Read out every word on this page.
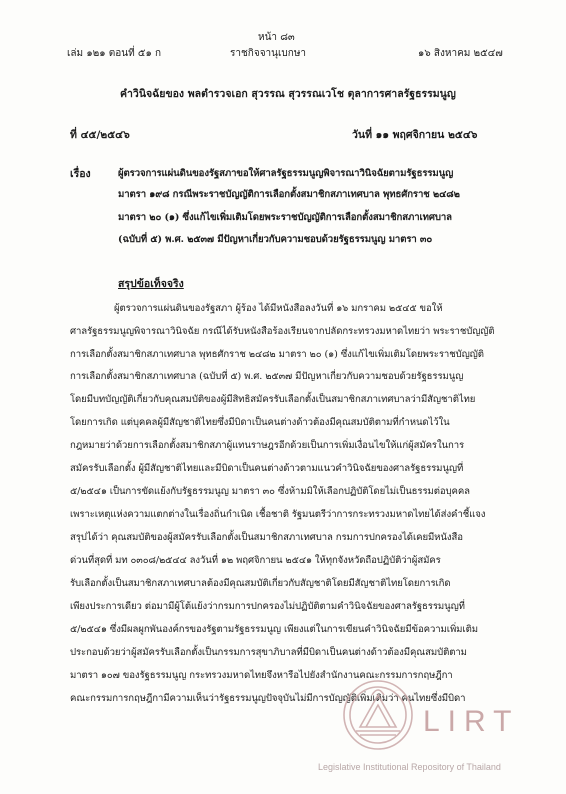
หน้า ๘๓
เล่ม ๑๒๑ ตอนที่ ๕๑ ก	ราชกิจจานุเบกษา	๑๖ สิงหาคม ๒๕๔๗
คำวินิจฉัยของ พลตำรวจเอก สุวรรณ สุวรรณเวโช ตุลาการศาลรัฐธรรมนูญ
ที่ ๔๕/๒๕๔๖	วันที่ ๑๑ พฤศจิกายน ๒๕๔๖
เรื่อง	ผู้ตรวจการแผ่นดินของรัฐสภาขอให้ศาลรัฐธรรมนูญพิจารณาวินิจฉัยตามรัฐธรรมนูญ
มาตรา ๑๙๘ กรณีพระราชบัญญัติการเลือกตั้งสมาชิกสภาเทศบาล พุทธศักราช ๒๔๘๒
มาตรา ๒๐ (๑) ซึ่งแก้ไขเพิ่มเติมโดยพระราชบัญญัติการเลือกตั้งสมาชิกสภาเทศบาล
(ฉบับที่ ๕) พ.ศ. ๒๕๓๗ มีปัญหาเกี่ยวกับความชอบด้วยรัฐธรรมนูญ มาตรา ๓๐
สรุปข้อเท็จจริง
ผู้ตรวจการแผ่นดินของรัฐสภา ผู้ร้อง ได้มีหนังสือลงวันที่ ๑๖ มกราคม ๒๕๔๕ ขอให้
ศาลรัฐธรรมนูญพิจารณาวินิจฉัย กรณีได้รับหนังสือร้องเรียนจากปลัดกระทรวงมหาดไทยว่า พระราชบัญญัติ
การเลือกตั้งสมาชิกสภาเทศบาล พุทธศักราช ๒๔๘๒ มาตรา ๒๐ (๑) ซึ่งแก้ไขเพิ่มเติมโดยพระราชบัญญัติ
การเลือกตั้งสมาชิกสภาเทศบาล (ฉบับที่ ๕) พ.ศ. ๒๕๓๗ มีปัญหาเกี่ยวกับความชอบด้วยรัฐธรรมนูญ
โดยมีบทบัญญัติเกี่ยวกับคุณสมบัติของผู้มีสิทธิสมัครรับเลือกตั้งเป็นสมาชิกสภาเทศบาลว่ามีสัญชาติไทย
โดยการเกิด แต่บุคคลผู้มีสัญชาติไทยซึ่งมีบิดาเป็นคนต่างด้าวต้องมีคุณสมบัติตามที่กำหนดไว้ใน
กฎหมายว่าด้วยการเลือกตั้งสมาชิกสภาผู้แทนราษฎรอีกด้วยเป็นการเพิ่มเงื่อนไขให้แก่ผู้สมัครในการ
สมัครรับเลือกตั้ง ผู้มีสัญชาติไทยและมีบิดาเป็นคนต่างด้าวตามแนวคำวินิจฉัยของศาลรัฐธรรมนูญที่
๕/๒๕๔๑ เป็นการขัดแย้งกับรัฐธรรมนูญ มาตรา ๓๐ ซึ่งห้ามมิให้เลือกปฏิบัติโดยไม่เป็นธรรมต่อบุคคล
เพราะเหตุแห่งความแตกต่างในเรื่องถิ่นกำเนิด เชื้อชาติ รัฐมนตรีว่าการกระทรวงมหาดไทยได้ส่งคำชี้แจง
สรุปได้ว่า คุณสมบัติของผู้สมัครรับเลือกตั้งเป็นสมาชิกสภาเทศบาล กรมการปกครองได้เคยมีหนังสือ
ด่วนที่สุดที่ มท ๐๓๐๘/๒๕๔๔ ลงวันที่ ๑๒ พฤศจิกายน ๒๕๔๑ ให้ทุกจังหวัดถือปฏิบัติว่าผู้สมัคร
รับเลือกตั้งเป็นสมาชิกสภาเทศบาลต้องมีคุณสมบัติเกี่ยวกับสัญชาติโดยมีสัญชาติไทยโดยการเกิด
เพียงประการเดียว ต่อมามีผู้โต้แย้งว่ากรมการปกครองไม่ปฏิบัติตามคำวินิจฉัยของศาลรัฐธรรมนูญที่
๕/๒๕๔๑ ซึ่งมีผลผูกพันองค์กรของรัฐตามรัฐธรรมนูญ เพียงแต่ในการเขียนคำวินิจฉัยมีข้อความเพิ่มเติม
ประกอบด้วยว่าผู้สมัครรับเลือกตั้งเป็นกรรมการสุขาภิบาลที่มีบิดาเป็นคนต่างด้าวต้องมีคุณสมบัติตาม
มาตรา ๑๐๗ ของรัฐธรรมนูญ กระทรวงมหาดไทยจึงหารือไปยังสำนักงานคณะกรรมการกฤษฎีกา
คณะกรรมการกฤษฎีกามีความเห็นว่ารัฐธรรมนูญปัจจุบันไม่มีการบัญญัติเพิ่มเติมว่า คนไทยซึ่งมีบิดา
LIRT
Legislative Institutional Repository of Thailand
